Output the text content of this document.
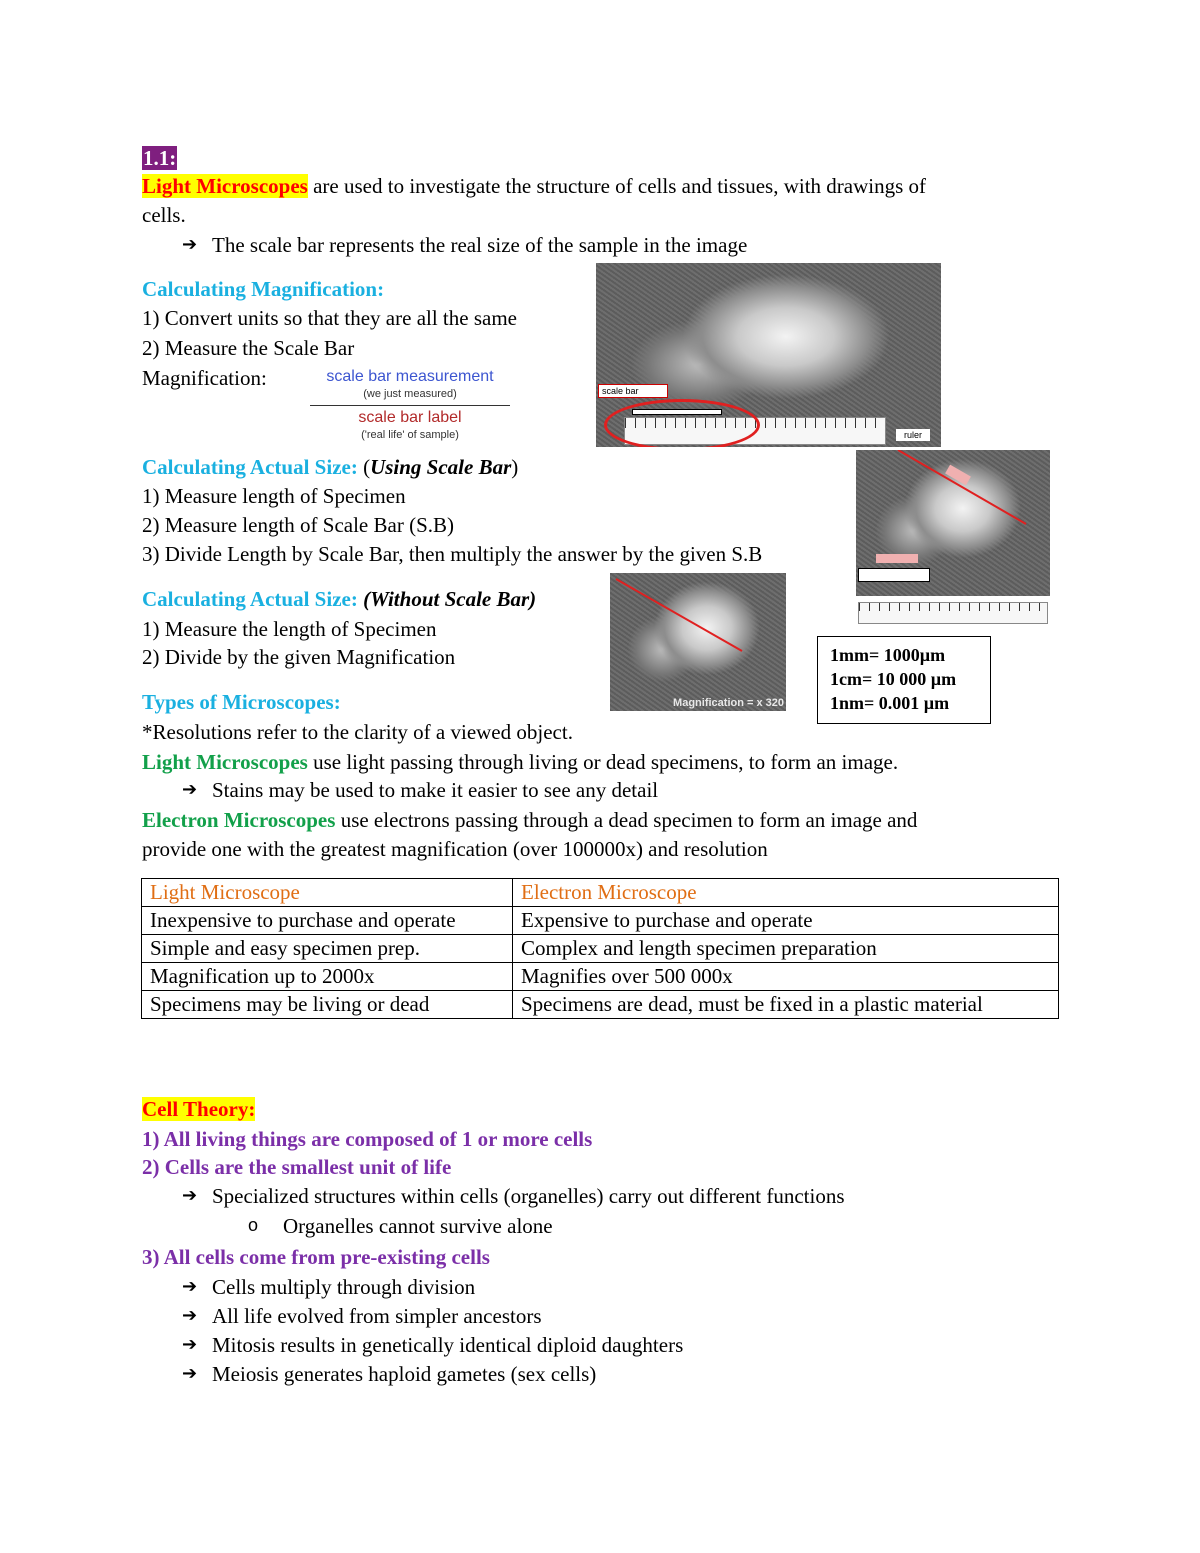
1.1:
Light Microscopes are used to investigate the structure of cells and tissues, with drawings of
cells.
➔ The scale bar represents the real size of the sample in the image
Calculating Magnification:
1) Convert units so that they are all the same
2) Measure the Scale Bar
Magnification:	scale bar measurement
(we just measured)
scale bar label
('real life' of sample)
scale bar
ruler
Calculating Actual Size: (Using Scale Bar)
1) Measure length of Specimen
2) Measure length of Scale Bar (S.B)
3) Divide Length by Scale Bar, then multiply the answer by the given S.B
Calculating Actual Size: (Without Scale Bar)
1) Measure the length of Specimen
2) Divide by the given Magnification
Magnification = x 320
1mm= 1000µm
1cm= 10 000 µm
1nm= 0.001 µm
Types of Microscopes:
*Resolutions refer to the clarity of a viewed object.
Light Microscopes use light passing through living or dead specimens, to form an image.
➔ Stains may be used to make it easier to see any detail
Electron Microscopes use electrons passing through a dead specimen to form an image and
provide one with the greatest magnification (over 100000x) and resolution
Light Microscope	Electron Microscope
Inexpensive to purchase and operate	Expensive to purchase and operate
Simple and easy specimen prep.	Complex and length specimen preparation
Magnification up to 2000x	Magnifies over 500 000x
Specimens may be living or dead	Specimens are dead, must be fixed in a plastic material
Cell Theory:
1) All living things are composed of 1 or more cells
2) Cells are the smallest unit of life
➔ Specialized structures within cells (organelles) carry out different functions
o Organelles cannot survive alone
3) All cells come from pre-existing cells
➔ Cells multiply through division
➔ All life evolved from simpler ancestors
➔ Mitosis results in genetically identical diploid daughters
➔ Meiosis generates haploid gametes (sex cells)
